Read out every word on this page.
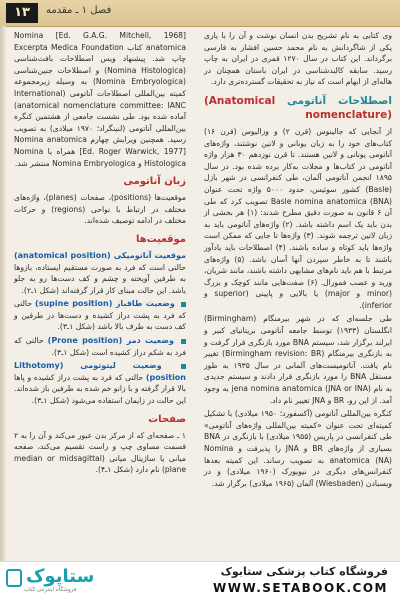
۱۳	فصل ۱ ـ مقدمه

وی کتابی به نام تشریح بدن انسان نوشت و آن را با یاری یکی از شاگردانش به نام محمد حسین افشار به فارسی برگرداند. این کتاب در سال ۱۲۷۰ قمری در ایران به چاپ رسید. سابقه کالبدشناسی در ایران باستان همچنان در هاله‌ای از ابهام است که نیاز به تحقیقات گسترده‌تری دارد.

اصطلاحات آناتومی (Anatomical nomenclature)

از آنجایی که جالینوس (قرن ۲) و وزالیوس (قرن ۱۶) کتاب‌های خود را به زبان یونانی و لاتین نوشتند، واژه‌های آناتومی یونانی و لاتین هستند. تا قرن نوزدهم ۳۰ هزار واژه آناتومی در کتاب‌ها و مجلات به‌کار برده شده بود. در سال ۱۸۹۵ انجمن آناتومی آلمان، طی کنفرانسی در شهر بازل (Basle) کشور سوئیس، حدود ۵۰۰۰ واژه تحت عنوان Basle nomina anatomica (BNA) تصویب کرد که طی آن ۶ قانون به صورت دقیق مطرح شدند: (۱) هر بخشی از بدن باید یک اسم داشته باشد. (۲) واژه‌های آناتومی باید به زبان لاتین ترجمه شوند. (۳) واژه‌ها تا جایی که ممکن است واژه‌ها باید کوتاه و ساده باشند. (۴) اصطلاحات باید یادآور باشند تا به خاطر سپردن آنها آسان باشد. (۵) واژه‌های مرتبط با هم باید نام‌های مشابهی داشته باشند، مانند شریان، ورید و عصب فمورال. (۶) صفت‌هایی مانند کوچک و بزرگ (minor و major) یا بالایی و پایینی (superior و inferior).

طی جلسه‌ای که در شهر بیرمنگام (Birmingham) انگلستان (۱۹۳۳) توسط جامعه آناتومی بریتانیای کبیر و ایرلند برگزار شد، سیستم BNA مورد بازنگری قرار گرفت و به بازنگری بیرمنگام (Birmingham revision: BR) تغییر نام یافت. آناتومیست‌های آلمانی در سال ۱۹۳۵ به طور مستقل BNA را مورد بازنگری قرار دادند و سیستم جدیدی به نام jena nomina anatomica (JNA or INA) به وجود آمد. از این رو، BR و JNA تغییر نام داد.

کنگره بین‌المللی آناتومی (آکسفورد؛ ۱۹۵۰ میلادی) با تشکیل کمیته‌ای تحت عنوان «کمیته بین‌المللی واژه‌های آناتومی» طی کنفرانسی در پاریس (۱۹۵۵ میلادی) با بازنگری در BNA بسیاری از واژه‌های BR و JNA را پذیرفت و Nomina anatomica (NA) به تصویب رساند. این کمیته بعدها کنفرانس‌های دیگری در نیویورک (۱۹۶۰ میلادی) و در ویسبادن (Wiesbaden) آلمان (۱۹۶۵ میلادی) برگزار شد.

[Ed. G.A.G. Mitchell, 1968] Nomina anatomica کتاب Excerpta Medica Foundation چاپ شد. پیشنهاد ویس اصطلاحات بافت‌شناسی (Nomina Histologica) و اصطلاحات جنین‌شناسی (Nomina Embryologica) به وسیله زیرمجموعه کمیته بین‌المللی اصطلاحات آناتومی (International anatomical nomenclature committee: IANC) آماده شده بود. طی نشست جامعی از هشتمین کنگره بین‌المللی آناتومی (لنینگراد؛ ۱۹۷۰ میلادی) به تصویب رسید. همچنین ویرایش چهارم Nomina anatomica [Ed. Roger Warwick, 1977] همراه با Nomina Histologica و Nomina Embryologica منتشر شد.

زبان آناتومی

موقعیت‌ها (positions)، صفحات (planes)، واژه‌های مختلف در ارتباط با نواحی (regions) و حرکات مختلف در ادامه توصیف شده‌اند.

موقعیت‌ها

موقعیت آناتومیکی (anatomical position) حالتی است که فرد به صورت مستقیم ایستاده، بازوها به طرفین آویخته و چشم و کف دست‌ها رو به جلو باشد. این حالت مبنای کار قرار گرفته‌اند (شکل ۱ـ۲).

وضعیت طاقباز (supine position) حالتی که فرد به پشت دراز کشیده و دست‌ها در طرفین و کف دست به طرف بالا باشد (شکل ۱ـ۳).

وضعیت دمر (Prone position) حالتی که فرد به شکم دراز کشیده است (شکل ۱ـ۳).

وضعیت لیتوتومی (Lithotomy position) حالتی که فرد به پشت دراز کشیده و پاها بالا قرار گرفته و با زانو خم شده به طرفین باز شده‌اند. این حالت در زایمان استفاده می‌شود (شکل ۱ـ۳).

صفحات

۱ ـ صفحه‌ای که از مرکز بدن عبور می‌کند و آن را به ۲ قسمت مساوی چپ و راست تقسیم می‌کند، صفحه میانی یا ساژیتال میانی (median or midsagittal plane) نام دارد (شکل ۱ـ۴).

ستاپوک
فروشگاه اینترنتی کتاب
فروشگاه کتاب پزشکی ستابوک
WWW.SETABOOK.COM
